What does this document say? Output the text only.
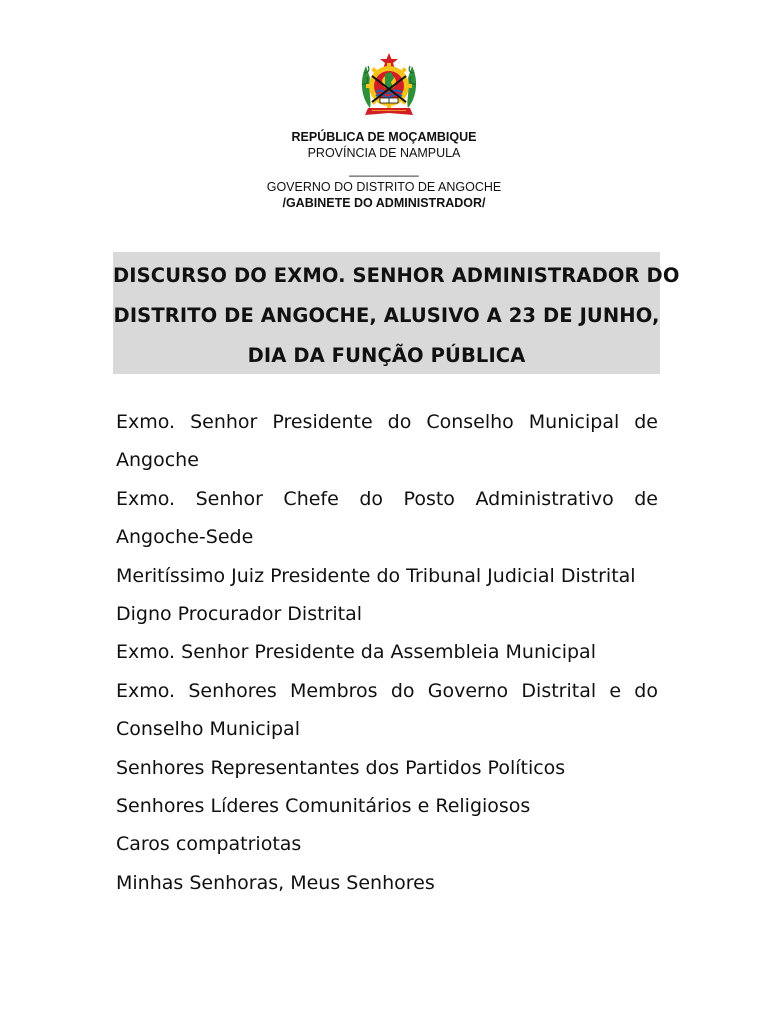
REPÚBLICA DE MOÇAMBIQUE
PROVÍNCIA DE NAMPULA
__________
GOVERNO DO DISTRITO DE ANGOCHE
/GABINETE DO ADMINISTRADOR/
DISCURSO DO EXMO. SENHOR ADMINISTRADOR DO
DISTRITO DE ANGOCHE, ALUSIVO A 23 DE JUNHO,
DIA DA FUNÇÃO PÚBLICA
Exmo. Senhor Presidente do Conselho Municipal de Angoche
Exmo. Senhor Chefe do Posto Administrativo de Angoche-Sede
Meritíssimo Juiz Presidente do Tribunal Judicial Distrital
Digno Procurador Distrital
Exmo. Senhor Presidente da Assembleia Municipal
Exmo. Senhores Membros do Governo Distrital e do Conselho Municipal
Senhores Representantes dos Partidos Políticos
Senhores Líderes Comunitários e Religiosos
Caros compatriotas
Minhas Senhoras, Meus Senhores
